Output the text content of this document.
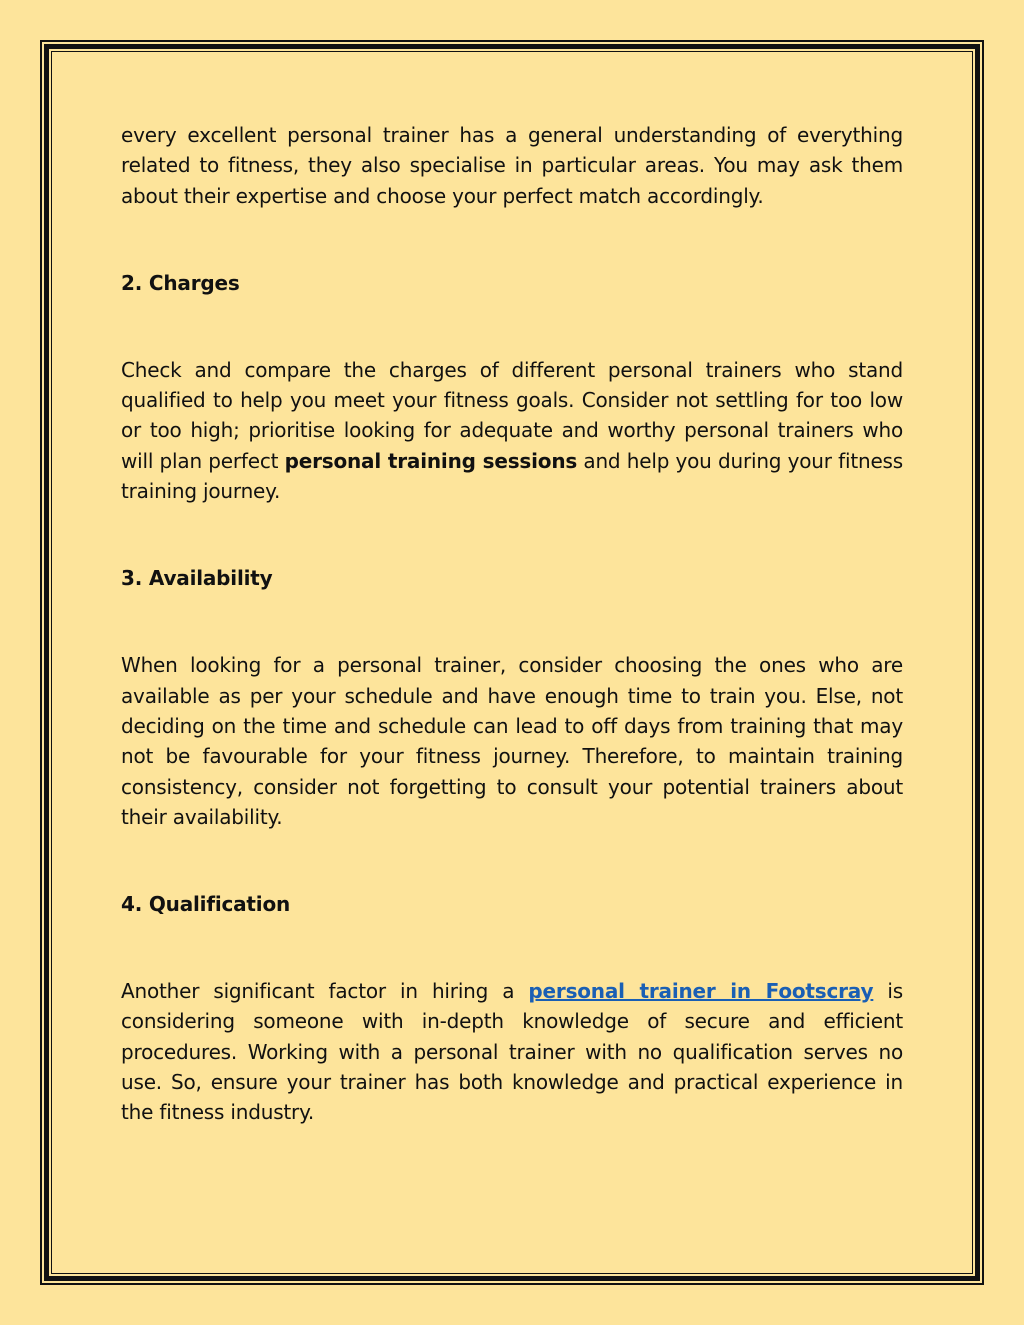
every excellent personal trainer has a general understanding of everything related to fitness, they also specialise in particular areas. You may ask them about their expertise and choose your perfect match accordingly.

2. Charges

Check and compare the charges of different personal trainers who stand qualified to help you meet your fitness goals. Consider not settling for too low or too high; prioritise looking for adequate and worthy personal trainers who will plan perfect personal training sessions and help you during your fitness training journey.

3. Availability

When looking for a personal trainer, consider choosing the ones who are available as per your schedule and have enough time to train you. Else, not deciding on the time and schedule can lead to off days from training that may not be favourable for your fitness journey. Therefore, to maintain training consistency, consider not forgetting to consult your potential trainers about their availability.

4. Qualification

Another significant factor in hiring a personal trainer in Footscray is considering someone with in-depth knowledge of secure and efficient procedures. Working with a personal trainer with no qualification serves no use. So, ensure your trainer has both knowledge and practical experience in the fitness industry.
